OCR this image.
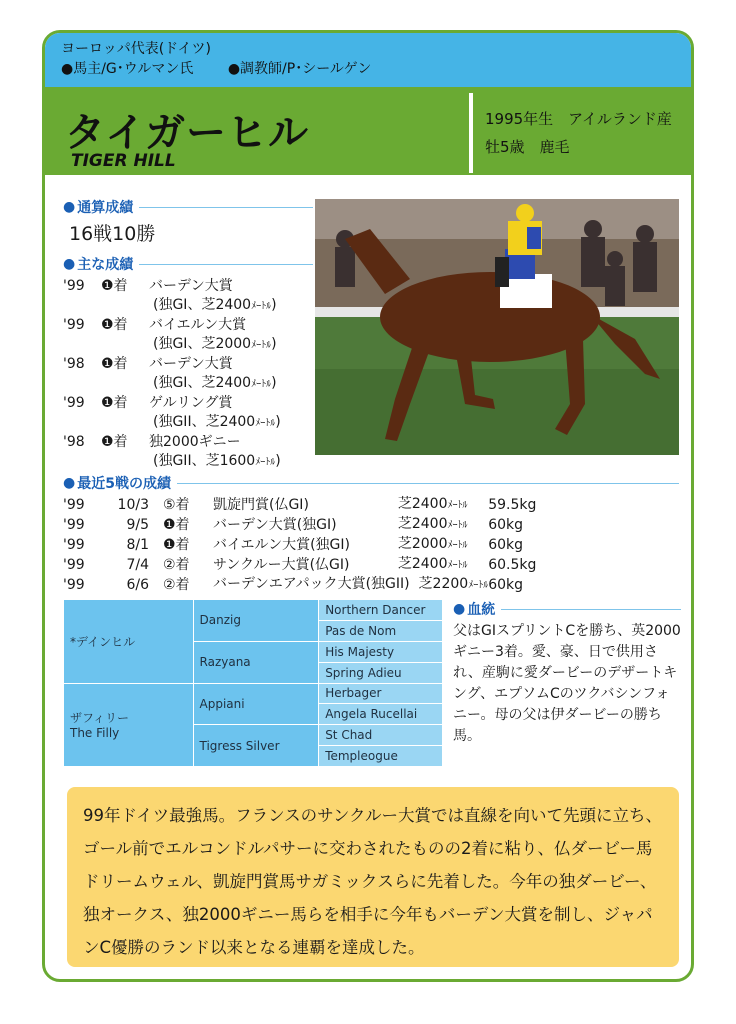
ヨーロッパ代表(ドイツ)
●馬主/G･ウルマン氏 ●調教師/P･シールゲン
タイガーヒル
TIGER HILL
1995年生　アイルランド産
牡5歳　鹿毛
● 通算成績
16戦10勝
● 主な成績
'99	❶着	バーデン大賞
(独GI、芝2400ﾒｰﾄﾙ)
'99	❶着	バイエルン大賞
(独GI、芝2000ﾒｰﾄﾙ)
'98	❶着	バーデン大賞
(独GI、芝2400ﾒｰﾄﾙ)
'99	❶着	ゲルリング賞
(独GII、芝2400ﾒｰﾄﾙ)
'98	❶着	独2000ギニー
(独GII、芝1600ﾒｰﾄﾙ)
● 最近5戦の成績
'99	10/3	⑤着	凱旋門賞(仏GI)	芝2400ﾒｰﾄﾙ	59.5kg
'99	9/5	❶着	バーデン大賞(独GI)	芝2400ﾒｰﾄﾙ	60kg
'99	8/1	❶着	バイエルン大賞(独GI)	芝2000ﾒｰﾄﾙ	60kg
'99	7/4	②着	サンクルー大賞(仏GI)	芝2400ﾒｰﾄﾙ	60.5kg
'99	6/6	②着	バーデンエアパック大賞(独GII) 芝2200ﾒｰﾄﾙ		60kg
*デインヒル	Danzig	Northern Dancer
		Pas de Nom
	Razyana	His Majesty
		Spring Adieu

ザフィリー
The Filly	Appiani	Herbager
		Angela Rucellai
	Tigress Silver	St Chad
		Templeogue
● 血統
父はGIスプリントCを勝ち、英2000ギニー3着。愛、豪、日で供用され、産駒に愛ダービーのデザートキング、エプソムCのツクバシンフォニー。母の父は伊ダービーの勝ち馬。
99年ドイツ最強馬。フランスのサンクルー大賞では直線を向いて先頭に立ち、ゴール前でエルコンドルパサーに交わされたものの2着に粘り、仏ダービー馬ドリームウェル、凱旋門賞馬サガミックスらに先着した。今年の独ダービー、独オークス、独2000ギニー馬らを相手に今年もバーデン大賞を制し、ジャパンC優勝のランド以来となる連覇を達成した。
